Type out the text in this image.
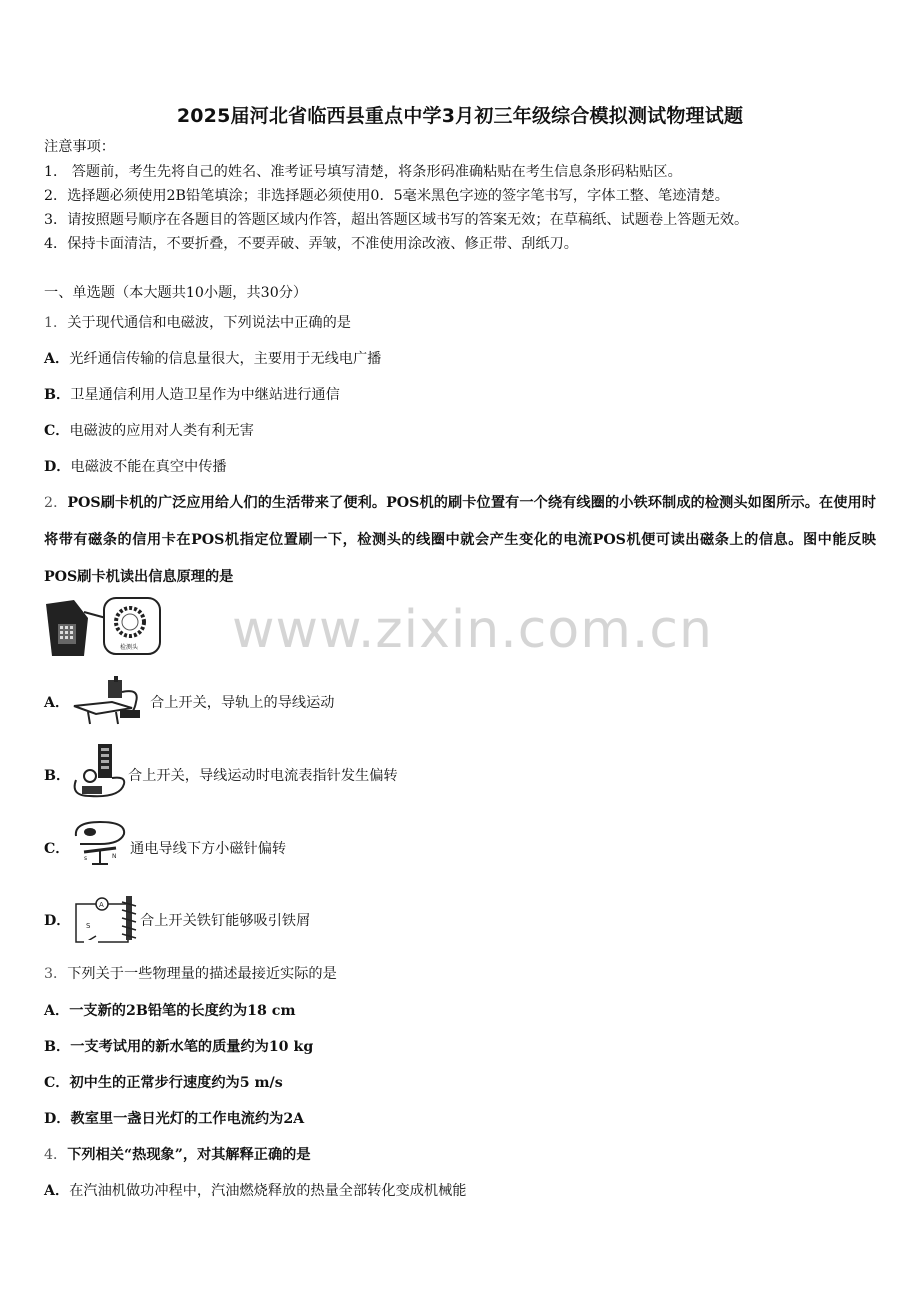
www.zixin.com.cn
2025届河北省临西县重点中学3月初三年级综合模拟测试物理试题
注意事项：
1． 答题前，考生先将自己的姓名、准考证号填写清楚，将条形码准确粘贴在考生信息条形码粘贴区。
2．选择题必须使用2B铅笔填涂；非选择题必须使用0．5毫米黑色字迹的签字笔书写，字体工整、笔迹清楚。
3．请按照题号顺序在各题目的答题区域内作答，超出答题区域书写的答案无效；在草稿纸、试题卷上答题无效。
4．保持卡面清洁，不要折叠，不要弄破、弄皱，不准使用涂改液、修正带、刮纸刀。
一、单选题（本大题共10小题，共30分）
1．关于现代通信和电磁波，下列说法中正确的是
A．光纤通信传输的信息量很大，主要用于无线电广播
B．卫星通信利用人造卫星作为中继站进行通信
C．电磁波的应用对人类有利无害
D．电磁波不能在真空中传播
2．POS刷卡机的广泛应用给人们的生活带来了便利。POS机的刷卡位置有一个绕有线圈的小铁环制成的检测头如图所示。在使用时将带有磁条的信用卡在POS机指定位置刷一下，检测头的线圈中就会产生变化的电流POS机便可读出磁条上的信息。图中能反映POS刷卡机读出信息原理的是
检测头
A．	合上开关，导轨上的导线运动
B．	合上开关，导线运动时电流表指针发生偏转
C．
s	N 通电导线下方小磁针偏转
D．
A
S	合上开关铁钉能够吸引铁屑
3．下列关于一些物理量的描述最接近实际的是
A．一支新的2B铅笔的长度约为18 cm
B．一支考试用的新水笔的质量约为10 kg
C．初中生的正常步行速度约为5 m/s
D．教室里一盏日光灯的工作电流约为2A
4．下列相关“热现象”，对其解释正确的是
A．在汽油机做功冲程中，汽油燃烧释放的热量全部转化变成机械能
